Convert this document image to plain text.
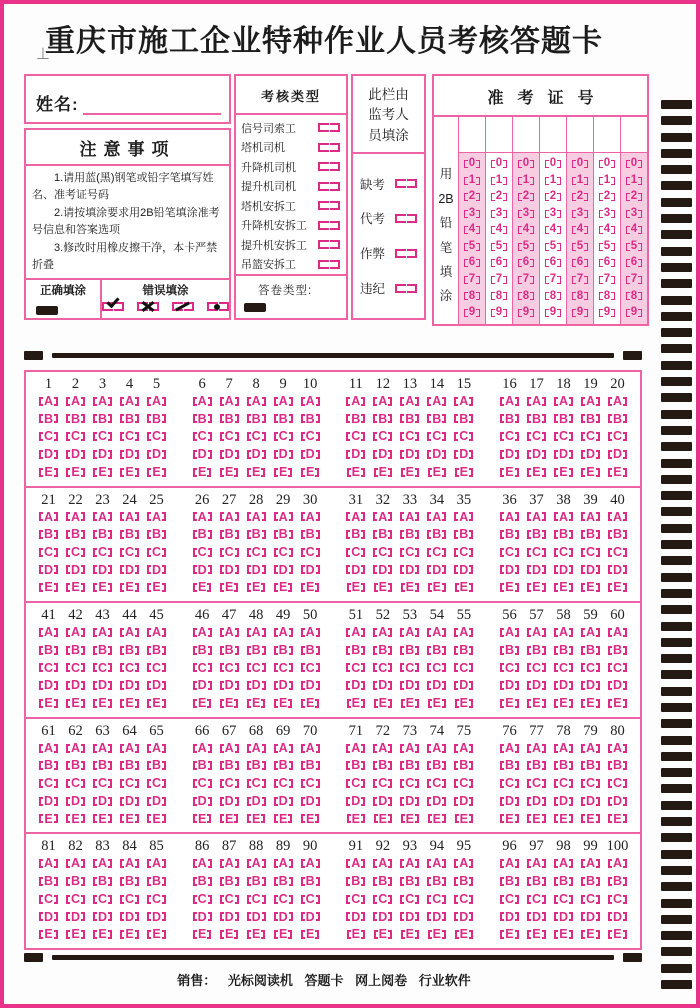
重庆市施工企业特种作业人员考核答题卡
⊥
姓名:
注意事项

1.请用蓝(黑)钢笔或铅字笔填写姓名、准考证号码

2.请按填涂要求用2B铅笔填涂准考号信息和答案选项

3.修改时用橡皮擦干净，本卡严禁折叠

正确填涂	错误填涂
考核类型
信号司索工
塔机司机
升降机司机
提升机司机
塔机安拆工
升降机安拆工
提升机安拆工
吊篮安拆工
答卷类型:
此栏由
监考人
员填涂
缺考
代考
作弊
违纪
准考证号
用
2B
铅
笔
填
涂
0
1
2
3
4
5
6
7
8
9
0
1
2
3
4
5
6
7
8
9
0
1
2
3
4
5
6
7
8
9
0
1
2
3
4
5
6
7
8
9
0
1
2
3
4
5
6
7
8
9
0
1
2
3
4
5
6
7
8
9
0
1
2
3
4
5
6
7
8
9
1
A
B
C
D
E
2
A
B
C
D
E
3
A
B
C
D
E
4
A
B
C
D
E
5
A
B
C
D
E
6
A
B
C
D
E
7
A
B
C
D
E
8
A
B
C
D
E
9
A
B
C
D
E
10
A
B
C
D
E
11
A
B
C
D
E
12
A
B
C
D
E
13
A
B
C
D
E
14
A
B
C
D
E
15
A
B
C
D
E
16
A
B
C
D
E
17
A
B
C
D
E
18
A
B
C
D
E
19
A
B
C
D
E
20
A
B
C
D
E
21
A
B
C
D
E
22
A
B
C
D
E
23
A
B
C
D
E
24
A
B
C
D
E
25
A
B
C
D
E
26
A
B
C
D
E
27
A
B
C
D
E
28
A
B
C
D
E
29
A
B
C
D
E
30
A
B
C
D
E
31
A
B
C
D
E
32
A
B
C
D
E
33
A
B
C
D
E
34
A
B
C
D
E
35
A
B
C
D
E
36
A
B
C
D
E
37
A
B
C
D
E
38
A
B
C
D
E
39
A
B
C
D
E
40
A
B
C
D
E
41
A
B
C
D
E
42
A
B
C
D
E
43
A
B
C
D
E
44
A
B
C
D
E
45
A
B
C
D
E
46
A
B
C
D
E
47
A
B
C
D
E
48
A
B
C
D
E
49
A
B
C
D
E
50
A
B
C
D
E
51
A
B
C
D
E
52
A
B
C
D
E
53
A
B
C
D
E
54
A
B
C
D
E
55
A
B
C
D
E
56
A
B
C
D
E
57
A
B
C
D
E
58
A
B
C
D
E
59
A
B
C
D
E
60
A
B
C
D
E
61
A
B
C
D
E
62
A
B
C
D
E
63
A
B
C
D
E
64
A
B
C
D
E
65
A
B
C
D
E
66
A
B
C
D
E
67
A
B
C
D
E
68
A
B
C
D
E
69
A
B
C
D
E
70
A
B
C
D
E
71
A
B
C
D
E
72
A
B
C
D
E
73
A
B
C
D
E
74
A
B
C
D
E
75
A
B
C
D
E
76
A
B
C
D
E
77
A
B
C
D
E
78
A
B
C
D
E
79
A
B
C
D
E
80
A
B
C
D
E
81
A
B
C
D
E
82
A
B
C
D
E
83
A
B
C
D
E
84
A
B
C
D
E
85
A
B
C
D
E
86
A
B
C
D
E
87
A
B
C
D
E
88
A
B
C
D
E
89
A
B
C
D
E
90
A
B
C
D
E
91
A
B
C
D
E
92
A
B
C
D
E
93
A
B
C
D
E
94
A
B
C
D
E
95
A
B
C
D
E
96
A
B
C
D
E
97
A
B
C
D
E
98
A
B
C
D
E
99
A
B
C
D
E
100
A
B
C
D
E
销售： 光标阅读机 答题卡 网上阅卷 行业软件
